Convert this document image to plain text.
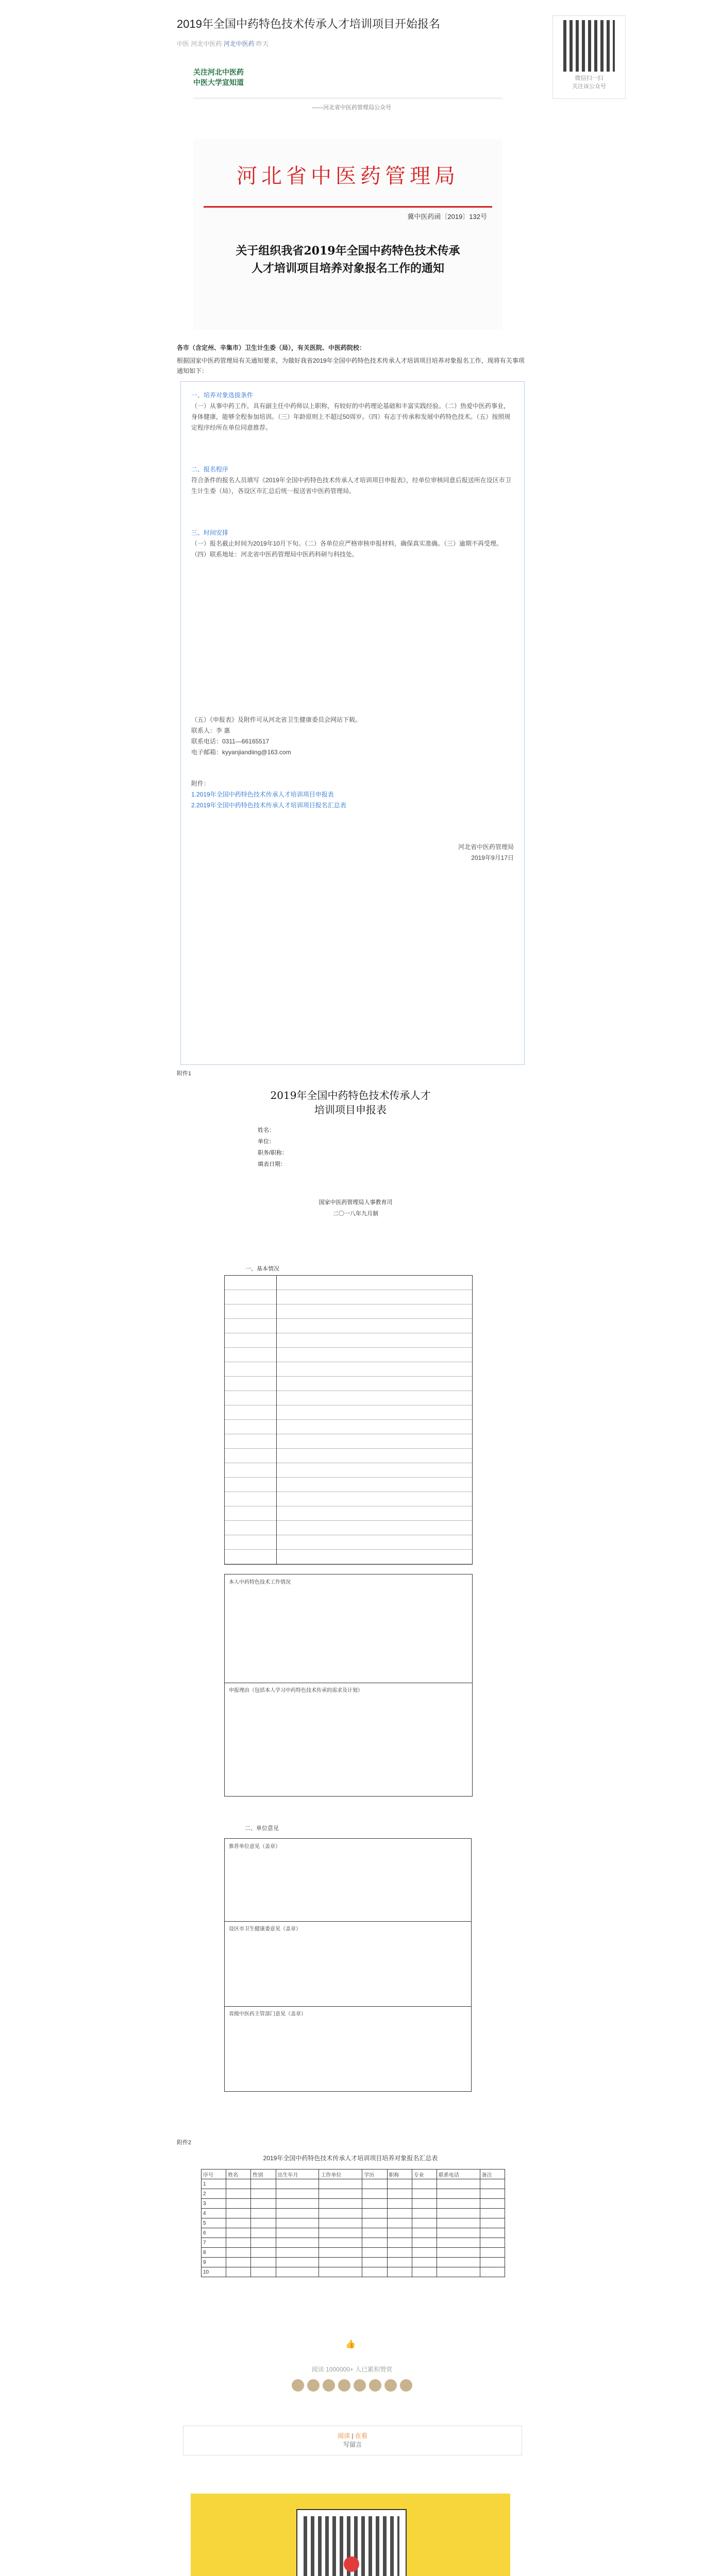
2019年全国中药特色技术传承人才培训项目开始报名
中医 河北中医药 河北中医药 昨天
微信扫一扫
关注该公众号
关注河北中医药
中医大学宣知道
——河北省中医药管理局公众号
河北省中医药管理局
冀中医药函〔2019〕132号
关于组织我省2019年全国中药特色技术传承
人才培训项目培养对象报名工作的通知
各市（含定州、辛集市）卫生计生委（局），有关医院、中医药院校：
根据国家中医药管理局有关通知要求，为做好我省2019年全国中药特色技术传承人才培训项目培养对象报名工作，现将有关事项通知如下：
一、培养对象选拔条件
（一）从事中药工作，具有副主任中药师以上职称，有较好的中药理论基础和丰富实践经验。（二）热爱中医药事业，身体健康，能够全程参加培训。（三）年龄原则上不超过50周岁。（四）有志于传承和发展中药特色技术。（五）按照规定程序经所在单位同意推荐。
二、报名程序
符合条件的报名人员填写《2019年全国中药特色技术传承人才培训项目申报表》，经单位审核同意后报送所在设区市卫生计生委（局），各设区市汇总后统一报送省中医药管理局。
三、时间安排
（一）报名截止时间为2019年10月下旬。（二）各单位应严格审核申报材料，确保真实准确。（三）逾期不再受理。（四）联系地址：河北省中医药管理局中医药科研与科技处。
（五）《申报表》及附件可从河北省卫生健康委员会网站下载。
联系人：李 惠
联系电话：0311—66165517
电子邮箱：kyyanjiandiing@163.com
附件：
1.2019年全国中药特色技术传承人才培训项目申报表
2.2019年全国中药特色技术传承人才培训项目报名汇总表
河北省中医药管理局
2019年9月17日
附件1
2019年全国中药特色技术传承人才
培训项目申报表
姓名：
单位：
职务/职称：
填表日期：
国家中医药管理局人事教育司
二〇一八年九月制
一、基本情况
本人中药特色技术工作情况
申报理由（包括本人学习中药特色技术传承的需求及计划）
二、单位意见
推荐单位意见（盖章）
设区市卫生健康委意见（盖章）
省级中医药主管部门意见（盖章）
附件2
2019年全国中药特色技术传承人才培训项目培养对象报名汇总表
序号	姓名	性别	出生年月	工作单位	学历	职称	专业	联系电话	备注
1									
2									
3									
4									
5									
6									
7									
8									
9									
10									
👍
阅读 1000000+ 人已累积赞赏
阅读 | 在看
写留言
